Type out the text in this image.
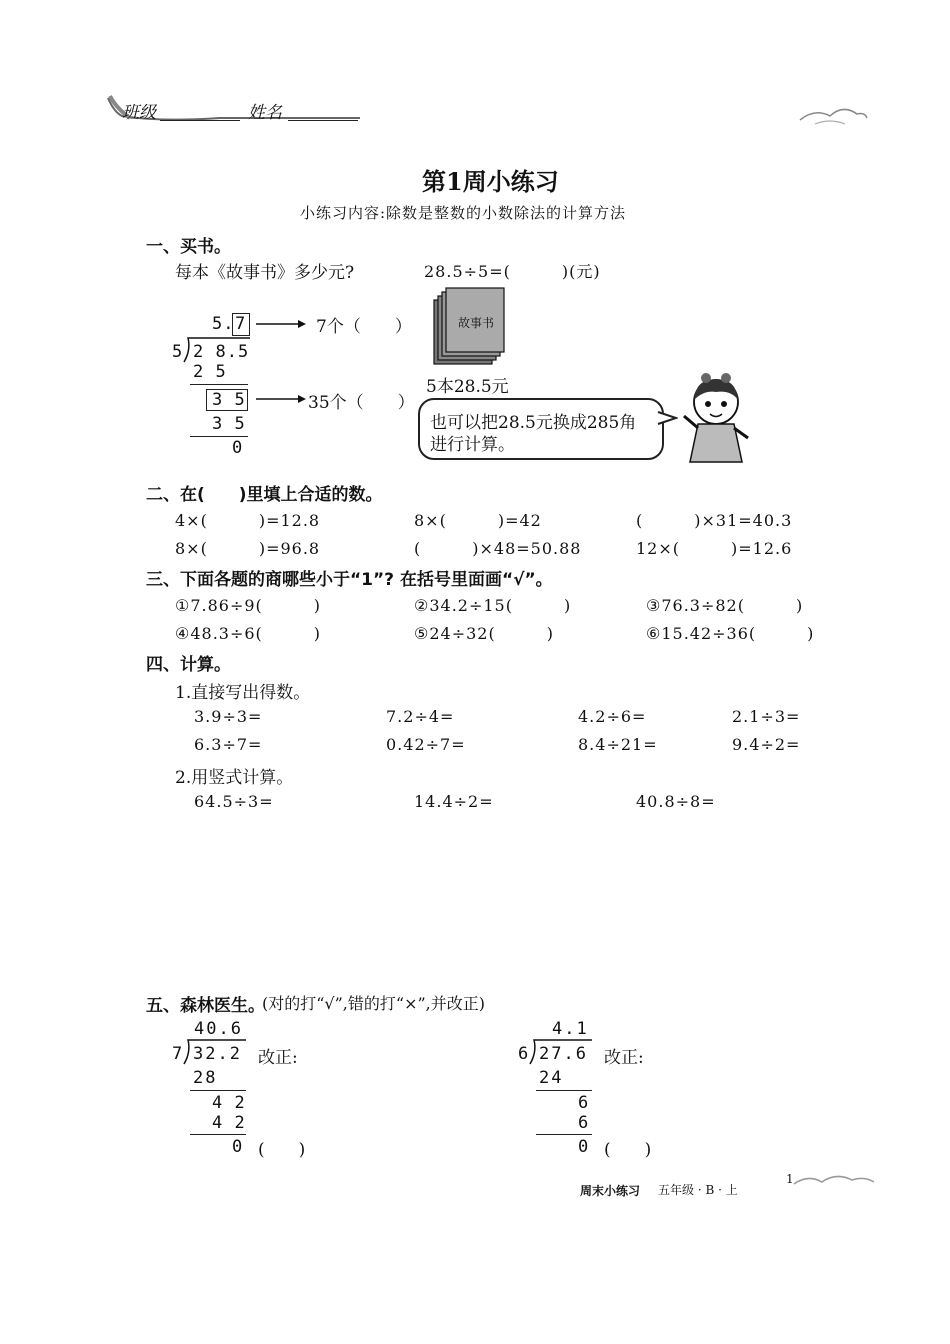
班级	姓名
第1周小练习
小练习内容:除数是整数的小数除法的计算方法
一、买书。
每本《故事书》多少元?	28.5÷5=(　　　)(元)
5. 7	7个（　　）
5 2 8.5
2 5
3 5	35个（　　）
3 5
0
故事书
5本28.5元
也可以把28.5元换成285角
进行计算。
二、在(　　)里填上合适的数。
4×(　　　)=12.8	8×(　　　)=42	(　　　)×31=40.3
8×(　　　)=96.8	(　　　)×48=50.88	12×(　　　)=12.6
三、下面各题的商哪些小于“1”? 在括号里面画“√”。
①7.86÷9(　　　)	②34.2÷15(　　　)	③76.3÷82(　　　)
④48.3÷6(　　　)	⑤24÷32(　　　)	⑥15.42÷36(　　　)
四、计算。
1.直接写出得数。
3.9÷3=	7.2÷4=	4.2÷6=	2.1÷3=
6.3÷7=	0.42÷7=	8.4÷21=	9.4÷2=
2.用竖式计算。
64.5÷3=	14.4÷2=	40.8÷8=
五、森林医生。
(对的打“√”,错的打“×”,并改正)
40.6
7 32.2 改正:
28
4 2
4 2
0 (　　)
4.1
6 27.6 改正:
24
6
6
0 (　　)
周末小练习 五年级 · B · 上
1
